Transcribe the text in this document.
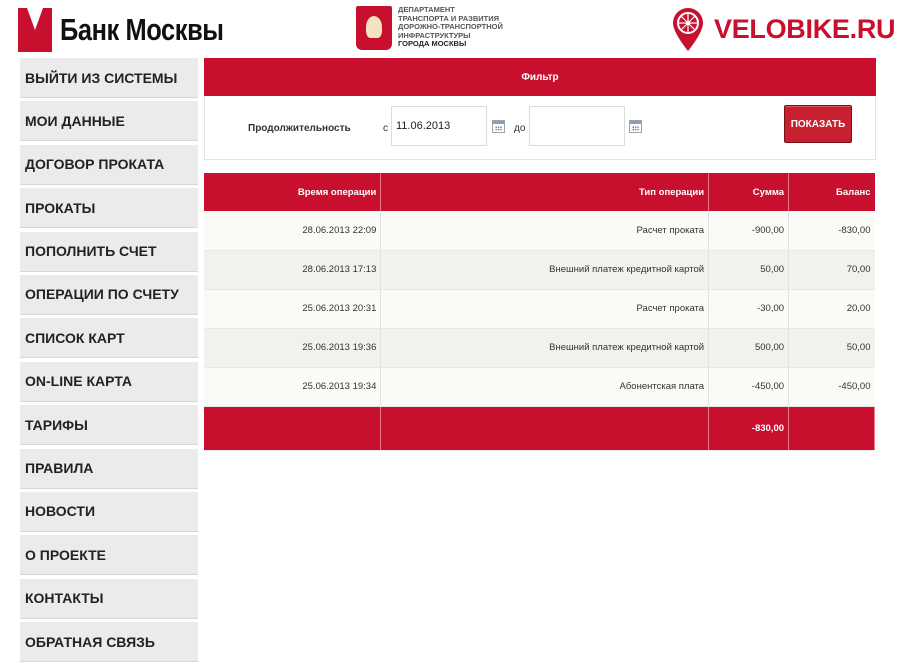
Банк Москвы
ДЕПАРТАМЕНТ
ТРАНСПОРТА И РАЗВИТИЯ
ДОРОЖНО-ТРАНСПОРТНОЙ
ИНФРАСТРУКТУРЫ
ГОРОДА МОСКВЫ
VELOBIKE.RU
ВЫЙТИ ИЗ СИСТЕМЫ
МОИ ДАННЫЕ
ДОГОВОР ПРОКАТА
ПРОКАТЫ
ПОПОЛНИТЬ СЧЕТ
ОПЕРАЦИИ ПО СЧЕТУ
СПИСОК КАРТ
ON-LINE КАРТА
ТАРИФЫ
ПРАВИЛА
НОВОСТИ
О ПРОЕКТЕ
КОНТАКТЫ
ОБРАТНАЯ СВЯЗЬ
Фильтр
Продолжительность	с
11.06.2013	до	ПОКАЗАТЬ
Время операции	Тип операции	Сумма	Баланс
28.06.2013 22:09	Расчет проката	-900,00	-830,00
28.06.2013 17:13	Внешний платеж кредитной картой	50,00	70,00
25.06.2013 20:31	Расчет проката	-30,00	20,00
25.06.2013 19:36	Внешний платеж кредитной картой	500,00	50,00
25.06.2013 19:34	Абонентская плата	-450,00	-450,00
		-830,00	
